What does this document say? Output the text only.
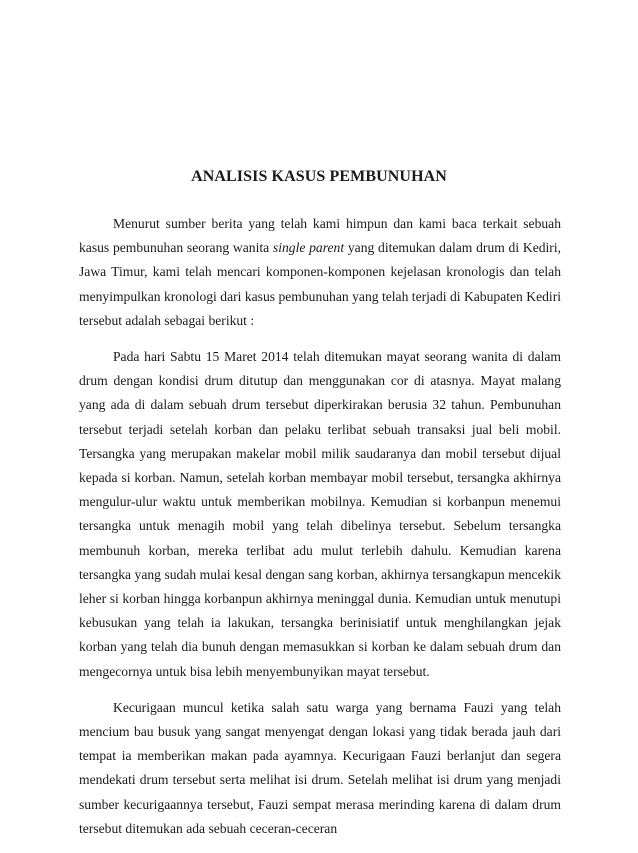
ANALISIS KASUS PEMBUNUHAN

Menurut sumber berita yang telah kami himpun dan kami baca terkait sebuah kasus pembunuhan seorang wanita single parent yang ditemukan dalam drum di Kediri, Jawa Timur, kami telah mencari komponen-komponen kejelasan kronologis dan telah menyimpulkan kronologi dari kasus pembunuhan yang telah terjadi di Kabupaten Kediri tersebut adalah sebagai berikut :

Pada hari Sabtu 15 Maret 2014 telah ditemukan mayat seorang wanita di dalam drum dengan kondisi drum ditutup dan menggunakan cor di atasnya. Mayat malang yang ada di dalam sebuah drum tersebut diperkirakan berusia 32 tahun. Pembunuhan tersebut terjadi setelah korban dan pelaku terlibat sebuah transaksi jual beli mobil. Tersangka yang merupakan makelar mobil milik saudaranya dan mobil tersebut dijual kepada si korban. Namun, setelah korban membayar mobil tersebut, tersangka akhirnya mengulur-ulur waktu untuk memberikan mobilnya. Kemudian si korbanpun menemui tersangka untuk menagih mobil yang telah dibelinya tersebut. Sebelum tersangka membunuh korban, mereka terlibat adu mulut terlebih dahulu. Kemudian karena tersangka yang sudah mulai kesal dengan sang korban, akhirnya tersangkapun mencekik leher si korban hingga korbanpun akhirnya meninggal dunia. Kemudian untuk menutupi kebusukan yang telah ia lakukan, tersangka berinisiatif untuk menghilangkan jejak korban yang telah dia bunuh dengan memasukkan si korban ke dalam sebuah drum dan mengecornya untuk bisa lebih menyembunyikan mayat tersebut.

Kecurigaan muncul ketika salah satu warga yang bernama Fauzi yang telah mencium bau busuk yang sangat menyengat dengan lokasi yang tidak berada jauh dari tempat ia memberikan makan pada ayamnya. Kecurigaan Fauzi berlanjut dan segera mendekati drum tersebut serta melihat isi drum. Setelah melihat isi drum yang menjadi sumber kecurigaannya tersebut, Fauzi sempat merasa merinding karena di dalam drum tersebut ditemukan ada sebuah ceceran-ceceran
